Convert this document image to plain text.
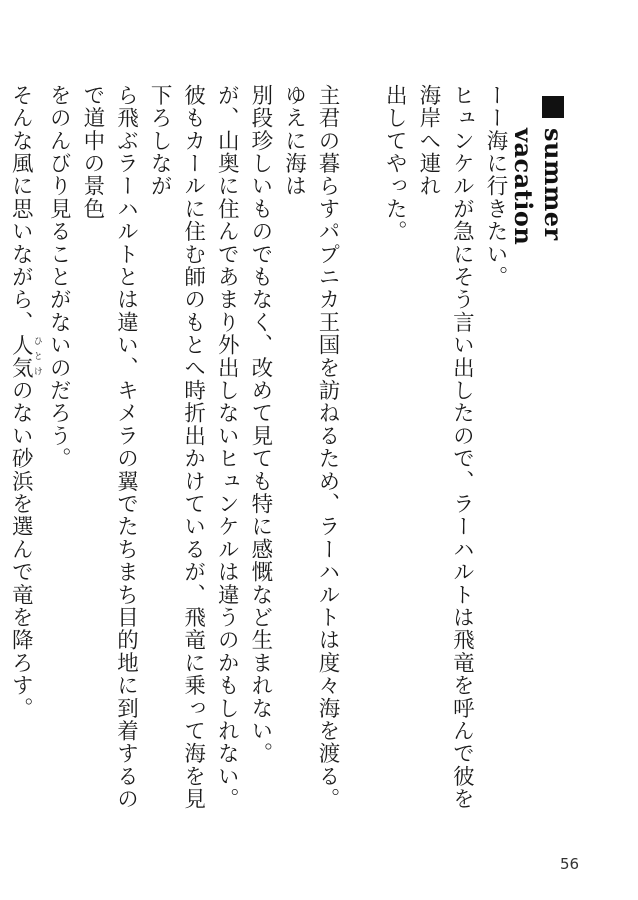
summer vacation
ーー海に行きたい。
ヒュンケルが急にそう言い出したので、ラーハルトは飛竜を呼んで彼を海岸へ連れ
出してやった。

主君の暮らすパプニカ王国を訪ねるため、ラーハルトは度々海を渡る。ゆえに海は
別段珍しいものでもなく、改めて見ても特に感慨など生まれない。
が、山奥に住んであまり外出しないヒュンケルは違うのかもしれない。
彼もカールに住む師のもとへ時折出かけているが、飛竜に乗って海を見下ろしなが
ら飛ぶラーハルトとは違い、キメラの翼でたちまち目的地に到着するので道中の景色
をのんびり見ることがないのだろう。
そんな風に思いながら、人気ひとけのない砂浜を選んで竜を降ろす。
56
